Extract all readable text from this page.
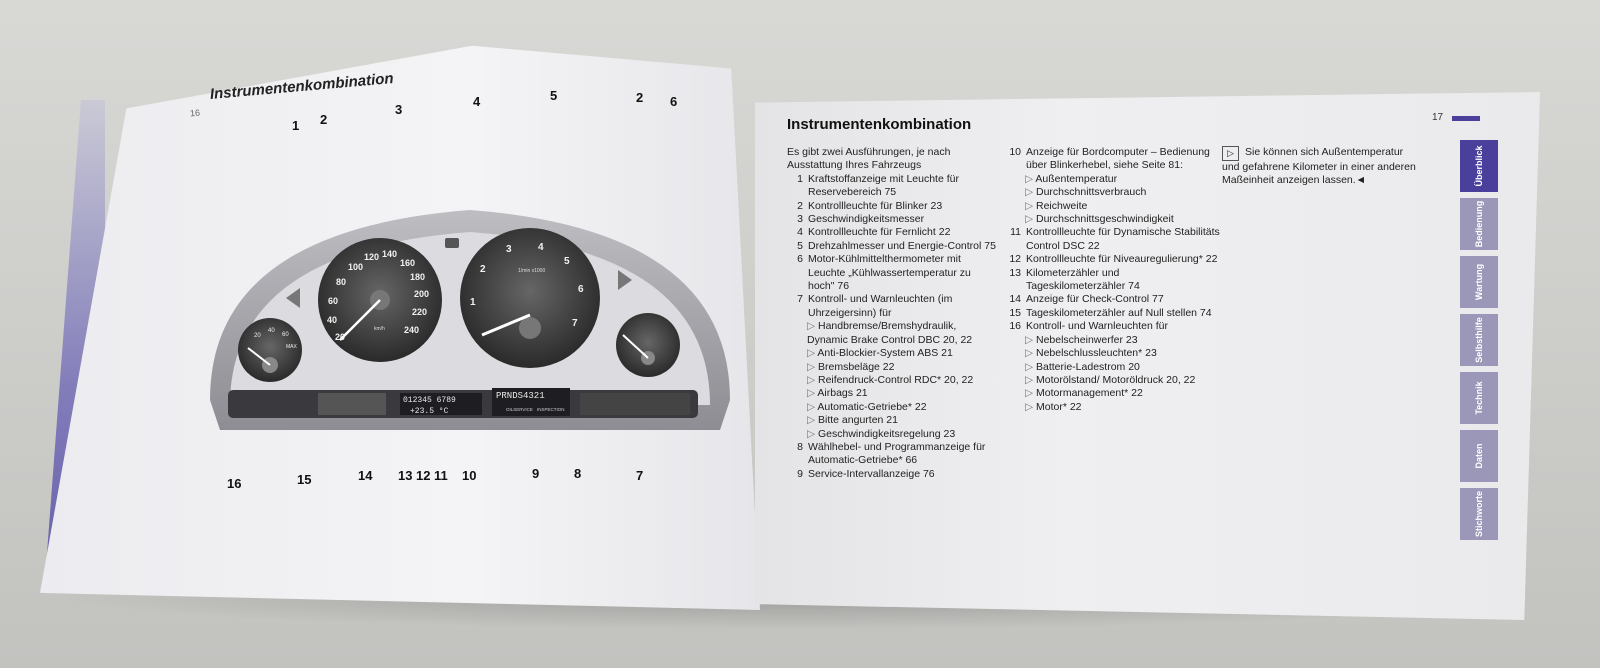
16
Instrumentenkombination
20
40
60
MAX
20
40
60
80
100
120 140
160
180
200
220
240
km/h
1
2
3	4
5
6
7
1/min x1000
012345 6789
+23.5 °C
PRNDS4321
OILSERVICE INSPECTION
1 2
3
4	5	2 6
16	15	14 13 12 11 10	9	8	7
Instrumentenkombination	17
Es gibt zwei Ausführungen, je nach Ausstattung Ihres Fahrzeugs
1 Kraftstoffanzeige mit Leuchte für Reservebereich 75
2 Kontrollleuchte für Blinker 23
3 Geschwindigkeitsmesser
4 Kontrollleuchte für Fernlicht 22
5 Drehzahlmesser und Energie-Control 75
6 Motor-Kühlmittelthermometer mit Leuchte „Kühlwassertemperatur zu hoch" 76
7 Kontroll- und Warnleuchten (im Uhrzeigersinn) für
▷ Handbremse/Bremshydraulik, Dynamic Brake Control DBC 20, 22
▷ Anti-Blockier-System ABS 21
▷ Bremsbeläge 22
▷ Reifendruck-Control RDC* 20, 22
▷ Airbags 21
▷ Automatic-Getriebe* 22
▷ Bitte angurten 21
▷ Geschwindigkeitsregelung 23
8 Wählhebel- und Programmanzeige für Automatic-Getriebe* 66
9 Service-Intervallanzeige 76
10 Anzeige für Bordcomputer – Bedienung über Blinkerhebel, siehe Seite 81:
▷ Außentemperatur
▷ Durchschnittsverbrauch
▷ Reichweite
▷ Durchschnittsgeschwindigkeit
11 Kontrollleuchte für Dynamische Stabilitäts Control DSC 22
12 Kontrollleuchte für Niveauregulierung* 22
13 Kilometerzähler und Tageskilometerzähler 74
14 Anzeige für Check-Control 77
15 Tageskilometerzähler auf Null stellen 74
16 Kontroll- und Warnleuchten für
▷ Nebelscheinwerfer 23
▷ Nebelschlussleuchten* 23
▷ Batterie-Ladestrom 20
▷ Motorölstand/ Motoröldruck 20, 22
▷ Motormanagement* 22
▷ Motor* 22
▷ Sie können sich Außentemperatur und gefahrene Kilometer in einer anderen Maßeinheit anzeigen lassen.◄	Überblick
Bedienung
Wartung
Selbsthilfe
Technik
Daten
Stichworte
